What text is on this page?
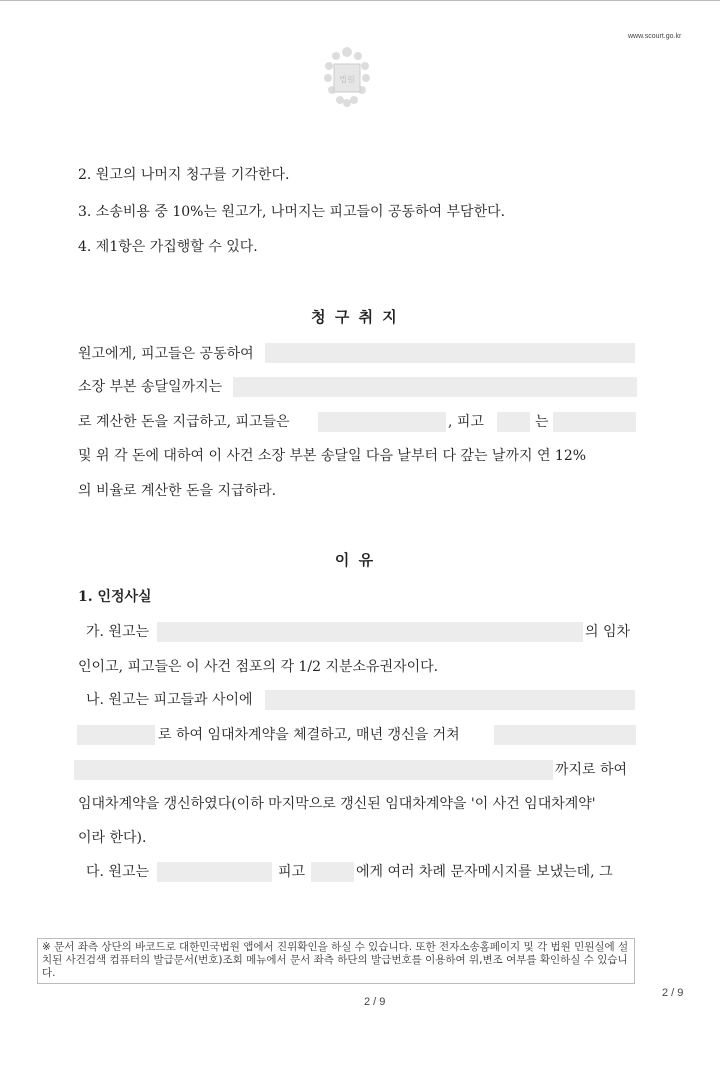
www.scourt.go.kr
법원
2. 원고의 나머지 청구를 기각한다.
3. 소송비용 중 10%는 원고가, 나머지는 피고들이 공동하여 부담한다.
4. 제1항은 가집행할 수 있다.
청 구 취 지
원고에게, 피고들은 공동하여
소장 부본 송달일까지는
로 계산한 돈을 지급하고, 피고들은	, 피고	는
및 위 각 돈에 대하여 이 사건 소장 부본 송달일 다음 날부터 다 갚는 날까지 연 12%
의 비율로 계산한 돈을 지급하라.
이 유
1. 인정사실
가. 원고는	의 임차
인이고, 피고들은 이 사건 점포의 각 1/2 지분소유권자이다.
나. 원고는 피고들과 사이에
로 하여 임대차계약을 체결하고, 매년 갱신을 거쳐
까지로 하여
임대차계약을 갱신하였다(이하 마지막으로 갱신된 임대차계약을 '이 사건 임대차계약'
이라 한다).
다. 원고는	피고	에게 여러 차례 문자메시지를 보냈는데, 그
※ 문서 좌측 상단의 바코드로 대한민국법원 앱에서 진위확인을 하실 수 있습니다. 또한 전자소송홈페이지 및 각 법원 민원실에 설치된 사건검색 컴퓨터의 발급문서(번호)조회 메뉴에서 문서 좌측 하단의 발급번호를 이용하여 위,변조 여부를 확인하실 수 있습니다.
2 / 9
2 / 9
